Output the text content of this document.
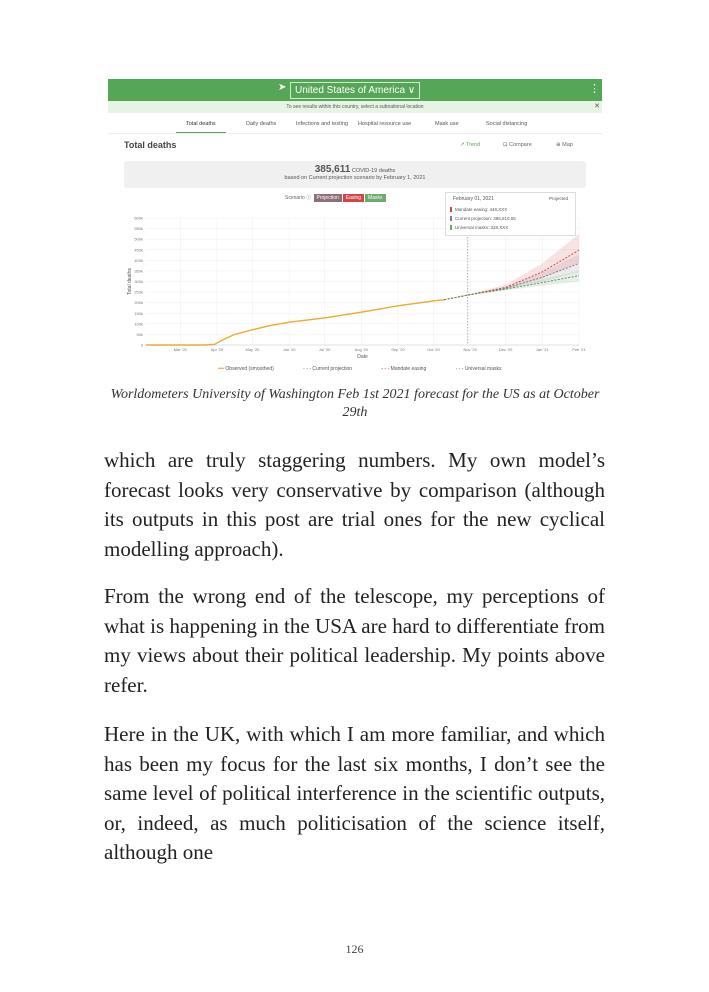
➤ United States of America ∨	⋮
To see results within this country, select a subnational location	✕
Total deaths	Daily deaths	Infections and testing Hospital resource use	Mask use	Social distancing
Total deaths	↗ Trend	⊡ Compare	⊕ Map
385,611 COVID-19 deaths
based on Current projection scenario by February 1, 2021
Scenario ⓘ Projection Easing Masks
0
50k
100k
150k
200k
250k
300k
350k
400k
450k
500k
550k
600k
Mar '20	Apr '20	May '20	Jun '20	Jul '20	Aug '20	Sep '20	Oct '20	Nov '20	Dec '20	Jan '21	Feb '21
Date
Total deaths
February 01, 2021	Projected
Mandate easing: 448,XXX
Current projection: 385,610.55
Universal masks: 328,XXX
━━ Observed (smoothed)	- - - Current projection	- - - Mandate easing	- - - Universal masks
Worldometers University of Washington Feb 1st 2021 forecast for the US as at October 29th

which are truly staggering numbers. My own model’s forecast looks very conservative by comparison (although its outputs in this post are trial ones for the new cyclical modelling approach).

From the wrong end of the telescope, my perceptions of what is happening in the USA are hard to differentiate from my views about their political leadership. My points above refer.

Here in the UK, with which I am more familiar, and which has been my focus for the last six months, I don’t see the same level of political interference in the scientific outputs, or, indeed, as much politicisation of the science itself, although one

126
